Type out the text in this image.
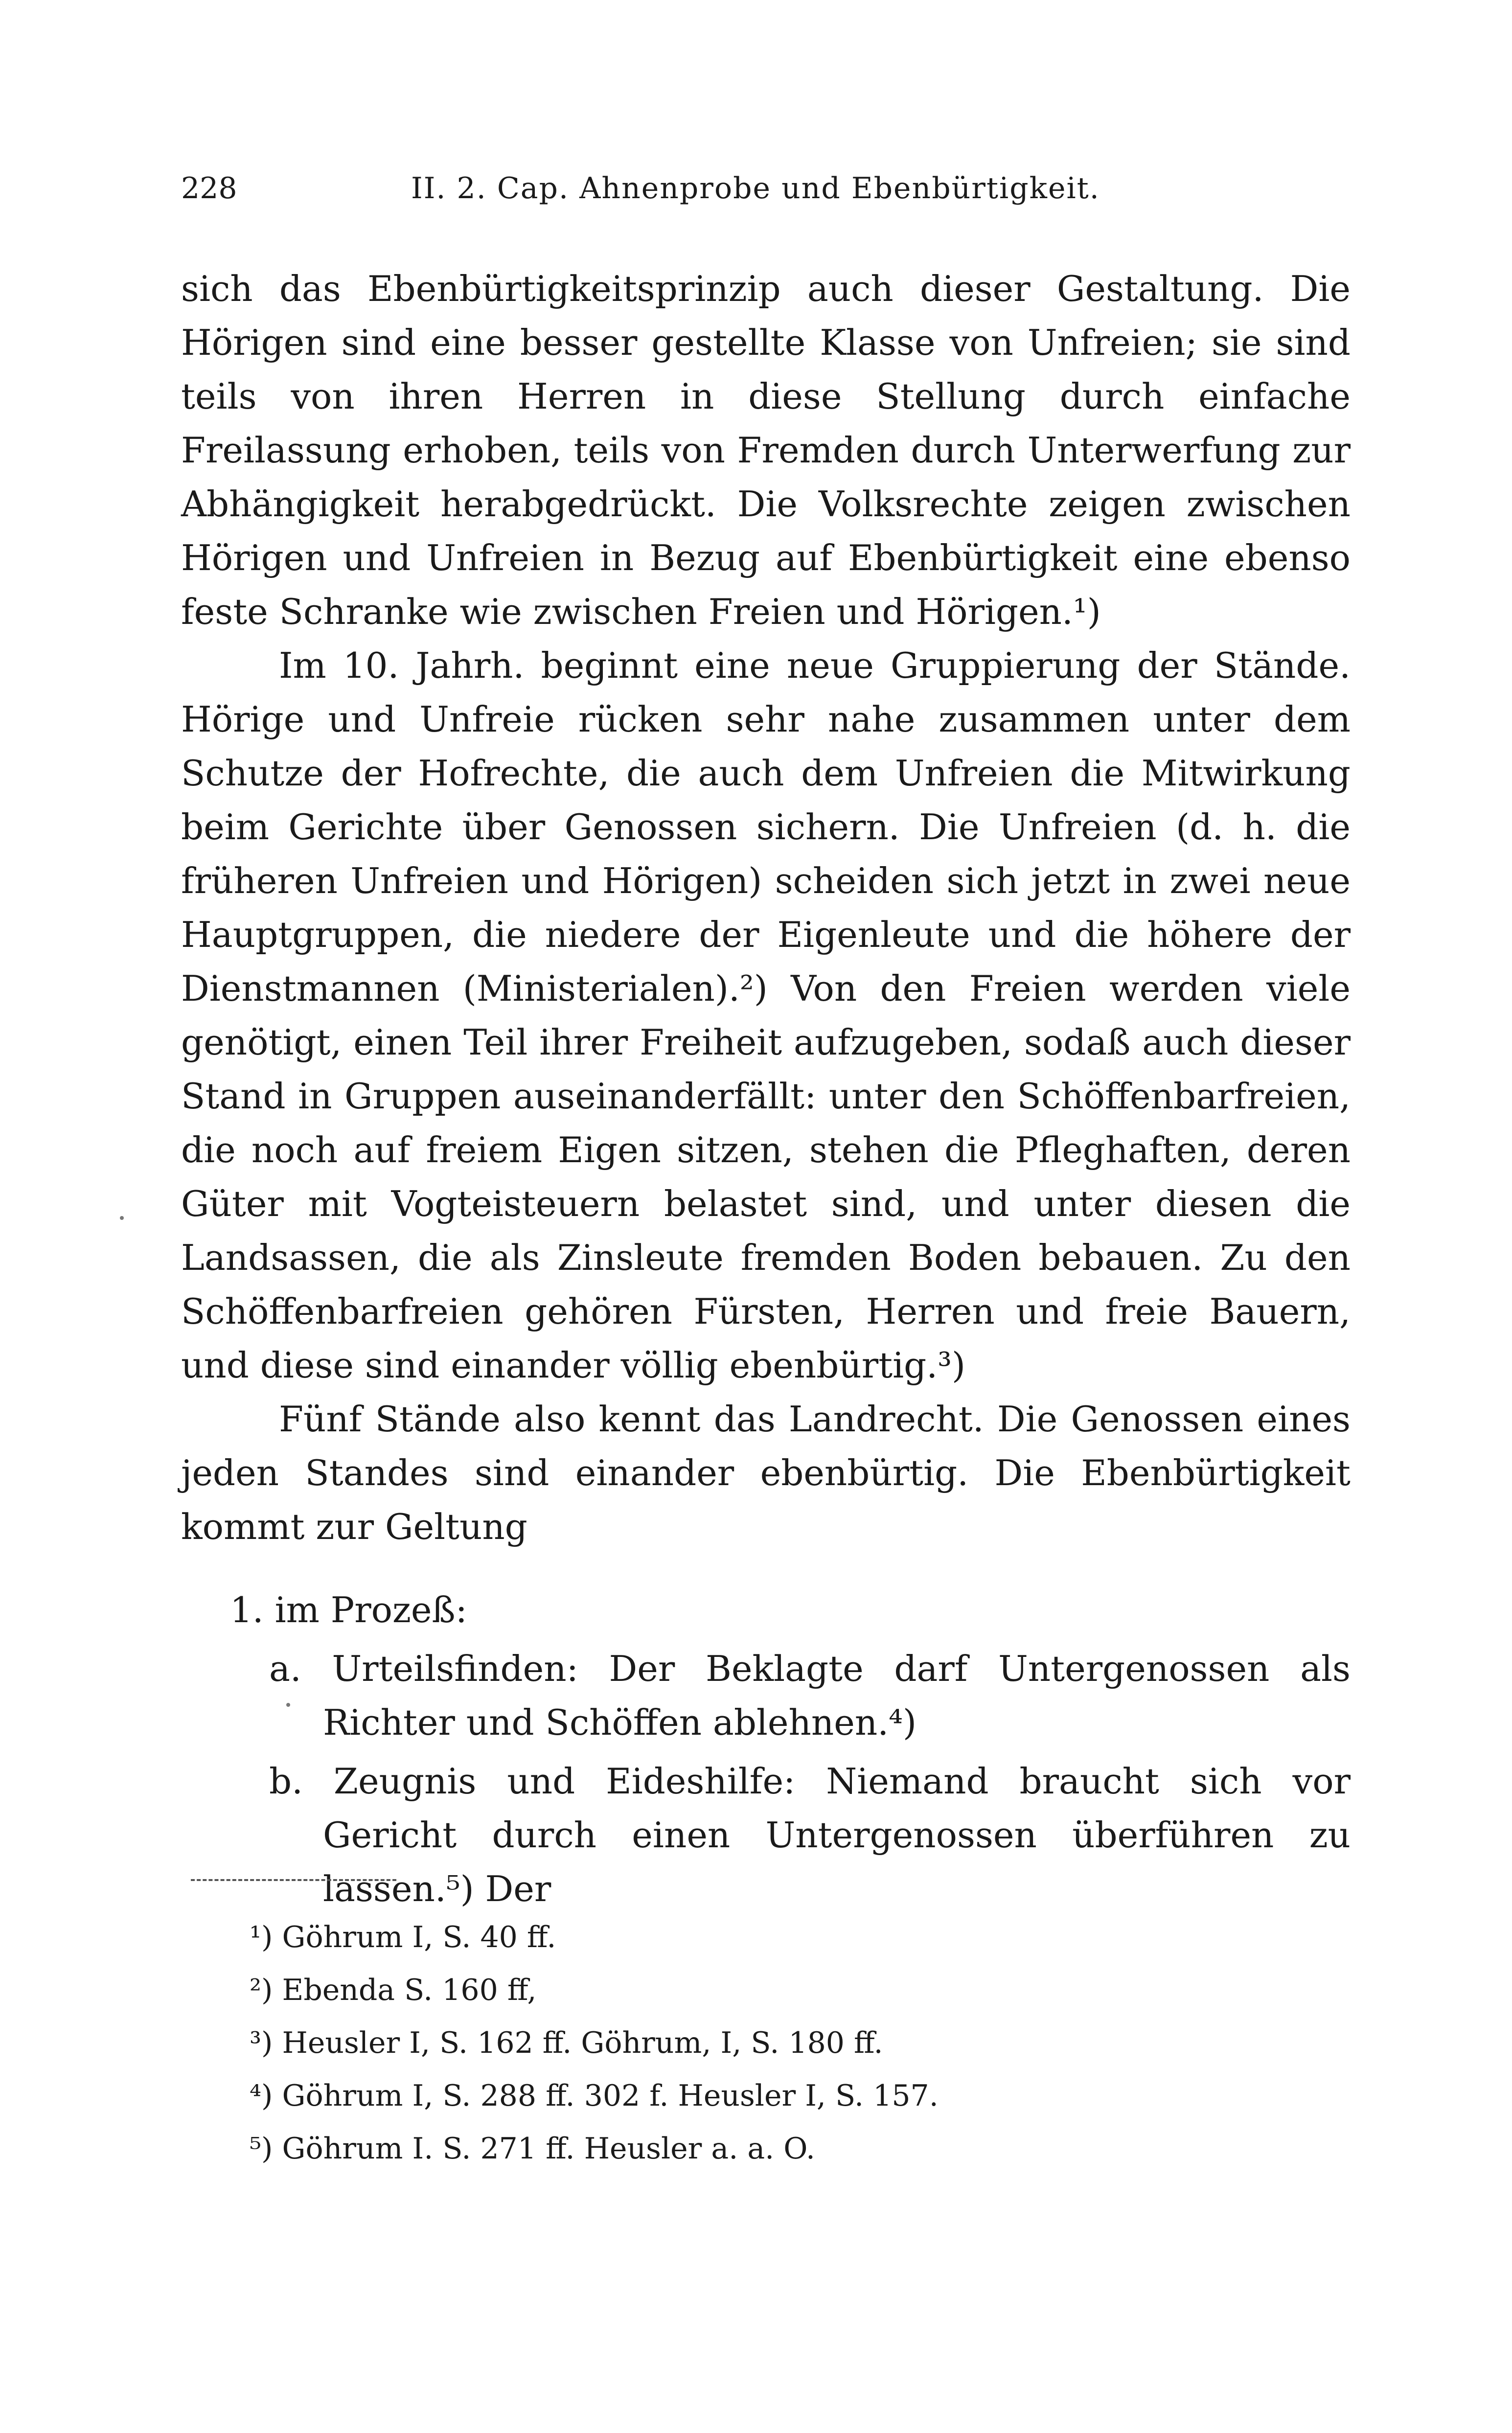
228	II. 2. Cap. Ahnenprobe und Ebenbürtigkeit.

sich das Ebenbürtigkeitsprinzip auch dieser Gestaltung. Die Hörigen sind eine besser gestellte Klasse von Unfreien; sie sind teils von ihren Herren in diese Stellung durch einfache Freilassung erhoben, teils von Fremden durch Unterwerfung zur Abhängigkeit herabgedrückt. Die Volksrechte zeigen zwischen Hörigen und Unfreien in Bezug auf Ebenbürtigkeit eine ebenso feste Schranke wie zwischen Freien und Hörigen.¹)

Im 10. Jahrh. beginnt eine neue Gruppierung der Stände. Hörige und Unfreie rücken sehr nahe zusammen unter dem Schutze der Hofrechte, die auch dem Unfreien die Mitwirkung beim Gerichte über Genossen sichern. Die Unfreien (d. h. die früheren Unfreien und Hörigen) scheiden sich jetzt in zwei neue Hauptgruppen, die niedere der Eigenleute und die höhere der Dienstmannen (Ministerialen).²) Von den Freien werden viele genötigt, einen Teil ihrer Freiheit aufzugeben, sodaß auch dieser Stand in Gruppen auseinanderfällt: unter den Schöffenbarfreien, die noch auf freiem Eigen sitzen, stehen die Pfleghaften, deren Güter mit Vogteisteuern belastet sind, und unter diesen die Landsassen, die als Zinsleute fremden Boden bebauen. Zu den Schöffenbarfreien gehören Fürsten, Herren und freie Bauern, und diese sind einander völlig ebenbürtig.³)

Fünf Stände also kennt das Landrecht. Die Genossen eines jeden Standes sind einander ebenbürtig. Die Ebenbürtigkeit kommt zur Geltung

1. im Prozeß:

a. Urteilsfinden: Der Beklagte darf Untergenossen als Richter und Schöffen ablehnen.⁴)

b. Zeugnis und Eideshilfe: Niemand braucht sich vor Gericht durch einen Untergenossen überführen zu lassen.⁵) Der

¹) Göhrum I, S. 40 ff.

²) Ebenda S. 160 ff,

³) Heusler I, S. 162 ff. Göhrum, I, S. 180 ff.

⁴) Göhrum I, S. 288 ff. 302 f. Heusler I, S. 157.

⁵) Göhrum I. S. 271 ff. Heusler a. a. O.
